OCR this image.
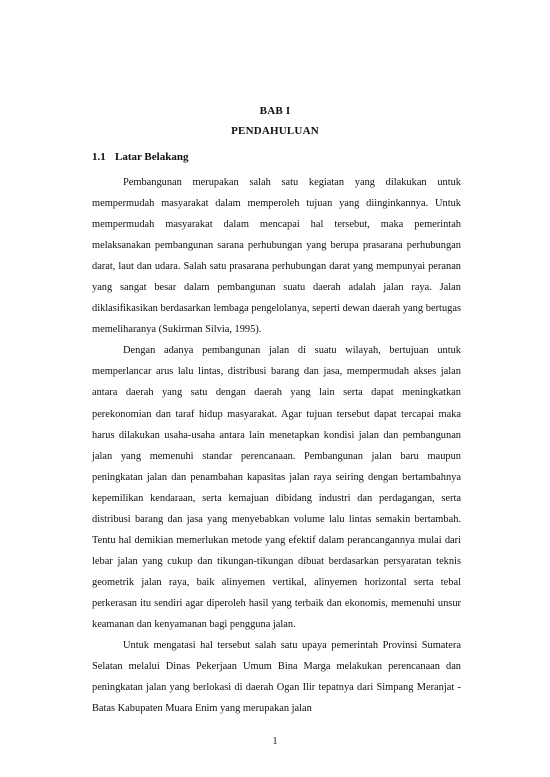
BAB I
PENDAHULUAN
1.1 Latar Belakang

Pembangunan merupakan salah satu kegiatan yang dilakukan untuk mempermudah masyarakat dalam memperoleh tujuan yang diinginkannya. Untuk mempermudah masyarakat dalam mencapai hal tersebut, maka pemerintah melaksanakan pembangunan sarana perhubungan yang berupa prasarana perhubungan darat, laut dan udara. Salah satu prasarana perhubungan darat yang mempunyai peranan yang sangat besar dalam pembangunan suatu daerah adalah jalan raya. Jalan diklasifikasikan berdasarkan lembaga pengelolanya, seperti dewan daerah yang bertugas memeliharanya (Sukirman Silvia, 1995).

Dengan adanya pembangunan jalan di suatu wilayah, bertujuan untuk memperlancar arus lalu lintas, distribusi barang dan jasa, mempermudah akses jalan antara daerah yang satu dengan daerah yang lain serta dapat meningkatkan perekonomian dan taraf hidup masyarakat. Agar tujuan tersebut dapat tercapai maka harus dilakukan usaha-usaha antara lain menetapkan kondisi jalan dan pembangunan jalan yang memenuhi standar perencanaan. Pembangunan jalan baru maupun peningkatan jalan dan penambahan kapasitas jalan raya seiring dengan bertambahnya kepemilikan kendaraan, serta kemajuan dibidang industri dan perdagangan, serta distribusi barang dan jasa yang menyebabkan volume lalu lintas semakin bertambah. Tentu hal demikian memerlukan metode yang efektif dalam perancangannya mulai dari lebar jalan yang cukup dan tikungan-tikungan dibuat berdasarkan persyaratan teknis geometrik jalan raya, baik alinyemen vertikal, alinyemen horizontal serta tebal perkerasan itu sendiri agar diperoleh hasil yang terbaik dan ekonomis, memenuhi unsur keamanan dan kenyamanan bagi pengguna jalan.

Untuk mengatasi hal tersebut salah satu upaya pemerintah Provinsi Sumatera Selatan melalui Dinas Pekerjaan Umum Bina Marga melakukan perencanaan dan peningkatan jalan yang berlokasi di daerah Ogan Ilir tepatnya dari Simpang Meranjat - Batas Kabupaten Muara Enim yang merupakan jalan

1
